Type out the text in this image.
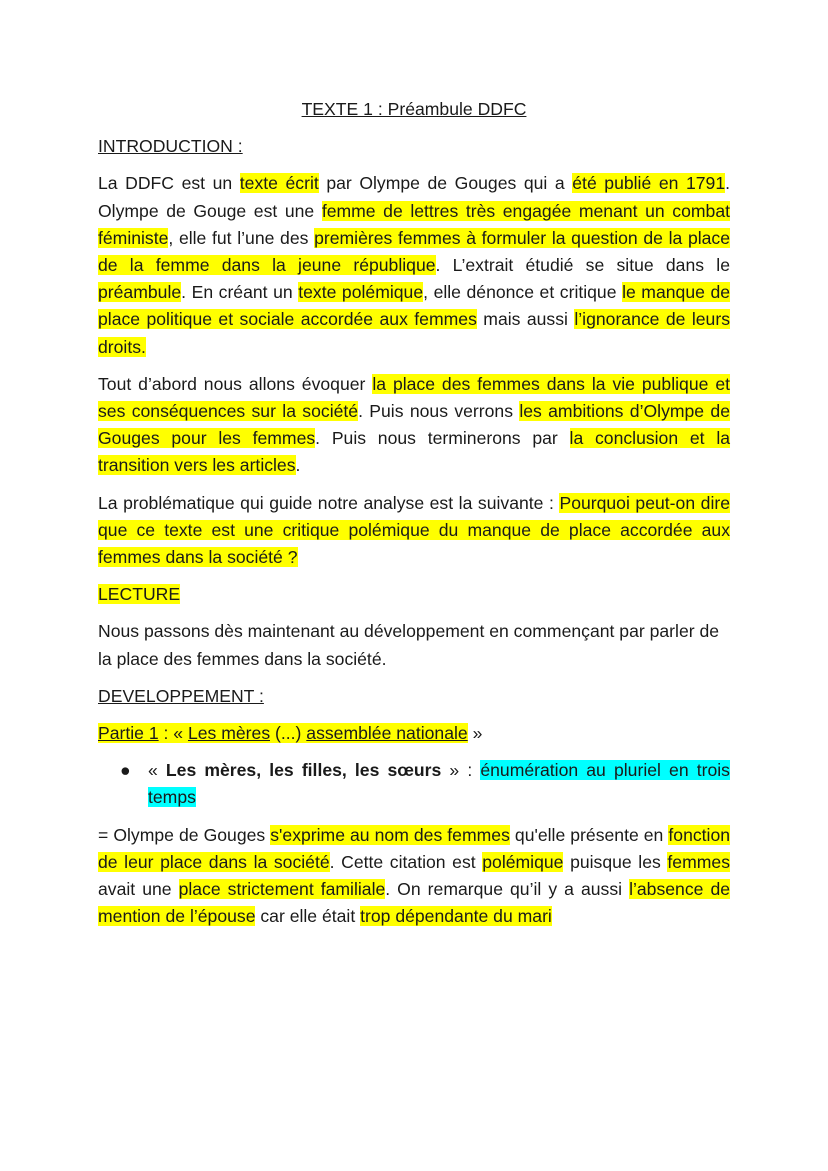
TEXTE 1 : Préambule DDFC
INTRODUCTION :
La DDFC est un texte écrit par Olympe de Gouges qui a été publié en 1791. Olympe de Gouge est une femme de lettres très engagée menant un combat féministe, elle fut l’une des premières femmes à formuler la question de la place de la femme dans la jeune république. L’extrait étudié se situe dans le préambule. En créant un texte polémique, elle dénonce et critique le manque de place politique et sociale accordée aux femmes mais aussi l’ignorance de leurs droits.
Tout d’abord nous allons évoquer la place des femmes dans la vie publique et ses conséquences sur la société. Puis nous verrons les ambitions d’Olympe de Gouges pour les femmes. Puis nous terminerons par la conclusion et la transition vers les articles.
La problématique qui guide notre analyse est la suivante : Pourquoi peut-on dire que ce texte est une critique polémique du manque de place accordée aux femmes dans la société ?
LECTURE
Nous passons dès maintenant au développement en commençant par parler de la place des femmes dans la société.
DEVELOPPEMENT :
Partie 1 : « Les mères (...) assemblée nationale »
● « Les mères, les filles, les sœurs » : énumération au pluriel en trois temps
= Olympe de Gouges s'exprime au nom des femmes qu'elle présente en fonction de leur place dans la société. Cette citation est polémique puisque les femmes avait une place strictement familiale. On remarque qu’il y a aussi l’absence de mention de l’épouse car elle était trop dépendante du mari
